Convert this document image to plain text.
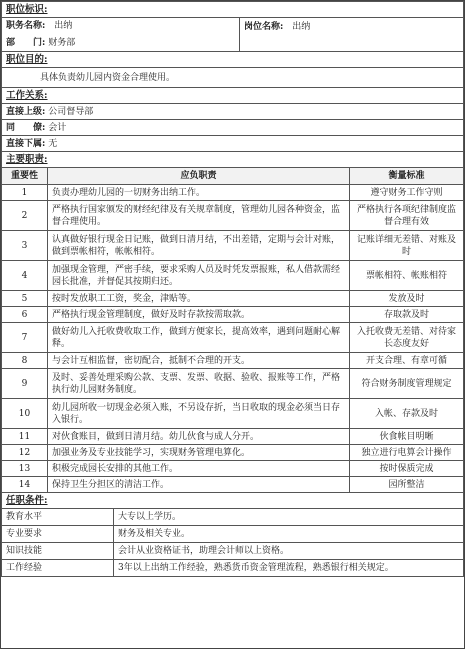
职位标识:
职务名称: 出纳	岗位名称: 出纳
部　　门: 财务部
职位目的:
具体负责幼儿园内资金合理使用。
工作关系:
直接上级: 公司督导部
同　　僚: 会计
直接下属: 无
主要职责:		
重要性	应负职责	衡量标准
1	负责办理幼儿园的一切财务出纳工作。	遵守财务工作守则
2	严格执行国家颁发的财经纪律及有关规章制度，管理幼儿园各种资金，监督合理使用。	严格执行各项纪律制度监督合理有效
3	认真做好银行现金日记账，做到日清月结，不出差错，定期与会计对账，做到票帐相符，帐帐相符。	记账详细无差错、对账及时
4	加强现金管理，严密手续，要求采购人员及时凭发票报账，私人借款需经园长批准，并督促其按期归还。	票帐相符、帐账相符
5	按时发放职工工资，奖金，津贴等。	发放及时
6	严格执行现金管理制度，做好及时存款按需取款。	存取款及时
7	做好幼儿入托收费收取工作，做到方便家长，提高效率，遇到问题耐心解释。	入托收费无差错、对待家长态度友好
8	与会计互相监督，密切配合，抵制不合理的开支。	开支合理、有章可循
9	及时、妥善处理采购公款、支票、发票、收据、验收、报账等工作，严格执行幼儿园财务制度。	符合财务制度管理规定
10	幼儿园所收一切现金必须入账，不另设存折，当日收取的现金必须当日存入银行。	入帐、存款及时
11	对伙食账目，做到日清月结。幼儿伙食与成人分开。	伙食帐目明晰
12	加强业务及专业技能学习，实现财务管理电算化。	独立进行电算会计操作
13	积极完成园长安排的其他工作。	按时保质完成
14	保持卫生分担区的清洁工作。	园所整洁
任职条件:	
教育水平	大专以上学历。
专业要求	财务及相关专业。
知识技能	会计从业资格证书，助理会计师以上资格。
工作经验	3年以上出纳工作经验，熟悉货币资金管理流程，熟悉银行相关规定。
